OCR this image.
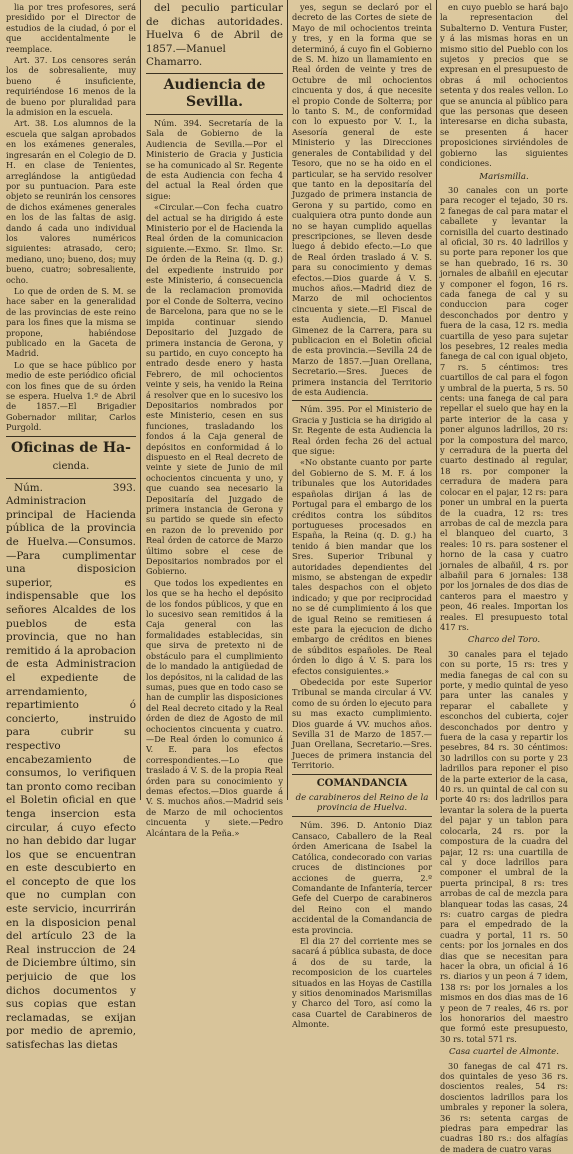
lia por tres profesores, será presidido por el Director de estudios de la ciudad, ó por el que accidentalmente le reemplace.

Art. 37. Los censores serán los de sobresaliente, muy bueno é insuficiente, requiriéndose 16 menos de la de bueno por pluralidad para la admision en la escuela.

Art. 38. Los alumnos de la escuela que salgan aprobados en los exámenes generales, ingresarán en el Colegio de D. H. en clase de Tenientes, arreglándose la antigüedad por su puntuacion. Para este objeto se reunirán los censores de dichos exámenes generales en los de las faltas de asig. dando á cada uno individual los valores numéricos siguientes: atrasado, cero; mediano, uno; bueno, dos; muy bueno, cuatro; sobresaliente, ocho.

Lo que de orden de S. M. se hace saber en la generalidad de las provincias de este reino para los fines que la misma se propone, habiéndose publicado en la Gaceta de Madrid.

Lo que se hace público por medio de este periódico oficial con los fines que de su órden se espera. Huelva 1.º de Abril de 1857.—El Brigadier Gobernador militar, Carlos Purgold.

Oficinas de Ha-
cienda.

Núm. 393. Administracion principal de Hacienda pública de la provincia de Huelva.—Consumos.—Para cumplimentar una disposicion superior, es indispensable que los señores Alcaldes de los pueblos de esta provincia, que no han remitido á la aprobacion de esta Administracion el expediente de arrendamiento, repartimiento ó concierto, instruido para cubrir su respectivo encabezamiento de consumos, lo verifiquen tan pronto como reciban el Boletin oficial en que tenga insercion esta circular, á cuyo efecto no han debido dar lugar los que se encuentran en este descubierto en el concepto de que los que no cumplan con este servicio, incurrirán en la disposicion penal del artículo 23 de la Real instruccion de 24 de Diciembre último, sin perjuicio de que los dichos documentos y sus copias que estan reclamadas, se exijan por medio de apremio, satisfechas las dietas

del peculio particular de dichas autoridades. Huelva 6 de Abril de 1857.—Manuel Chamarro.

Audiencia de Sevilla.

Núm. 394. Secretaría de la Sala de Gobierno de la Audiencia de Sevilla.—Por el Ministerio de Gracia y Justicia se ha comunicado al Sr. Regente de esta Audiencia con fecha 4 del actual la Real órden que sigue:

«Circular.—Con fecha cuatro del actual se ha dirigido á este Ministerio por el de Hacienda la Real órden de la comunicacion siguiente.—Exmo. Sr. Ilmo. Sr. De órden de la Reina (q. D. g.) del expediente instruido por este Ministerio, á consecuencia de la reclamacion promovida por el Conde de Solterra, vecino de Barcelona, para que no se le impida continuar siendo Depositario del Juzgado de primera instancia de Gerona, y su partido, en cuyo concepto ha entrado desde enero y hasta Febrero, de mil ochocientos veinte y seis, ha venido la Reina á resolver que en lo sucesivo los Depositarios nombrados por este Ministerio, cesen en sus funciones, trasladando los fondos á la Caja general de depósitos en conformidad á lo dispuesto en el Real decreto de veinte y siete de Junio de mil ochocientos cincuenta y uno, y que cuando sea necesario la Depositaría del Juzgado de primera instancia de Gerona y su partido se quede sin efecto en razon de lo prevenido por Real órden de catorce de Marzo último sobre el cese de Depositarios nombrados por el Gobierno.

Que todos los expedientes en los que se ha hecho el depósito de los fondos públicos, y que en lo sucesivo sean remitidos á la Caja general con las formalidades establecidas, sin que sirva de pretexto ni de obstáculo para el cumplimiento de lo mandado la antigüedad de los depósitos, ni la calidad de las sumas, pues que en todo caso se han de cumplir las disposiciones del Real decreto citado y la Real órden de diez de Agosto de mil ochocientos cincuenta y cuatro.—De Real órden lo comunico á V. E. para los efectos correspondientes.—Lo que traslado á V. S. de la propia Real órden para su conocimiento y demas efectos.—Dios guarde á V. S. muchos años.—Madrid seis de Marzo de mil ochocientos cincuenta y siete.—Pedro Alcántara de la Peña.»

yes, segun se declaró por el decreto de las Cortes de siete de Mayo de mil ochocientos treinta y tres, y en la forma que se determinó, á cuyo fin el Gobierno de S. M. hizo un llamamiento en Real órden de veinte y tres de Octubre de mil ochocientos cincuenta y dos, á que necesite el propio Conde de Solterra; por lo tanto S. M., de conformidad con lo expuesto por V. I., la Asesoría general de este Ministerio y las Direcciones generales de Contabilidad y del Tesoro, que no se ha oido en el particular, se ha servido resolver que tanto en la depositaría del Juzgado de primera instancia de Gerona y su partido, como en cualquiera otra punto donde aun no se hayan cumplido aquellas prescripciones, se lleven desde luego á debido efecto.—Lo que de Real órden traslado á V. S. para su conocimiento y demas efectos.—Dios guarde á V. S. muchos años.—Madrid diez de Marzo de mil ochocientos cincuenta y siete.—El Fiscal de esta Audiencia, D. Manuel Gimenez de la Carrera, para su publicacion en el Boletin oficial de esta provincia.—Sevilla 24 de Marzo de 1857.—Juan Orellana, Secretario.—Sres. Jueces de primera instancia del Territorio de esta Audiencia.

Núm. 395. Por el Ministerio de Gracia y Justicia se ha dirigido al Sr. Regente de esta Audiencia la Real órden fecha 26 del actual que sigue:

«No obstante cuanto por parte del Gobierno de S. M. F. á los tribunales que los Autoridades españolas dirijan á las de Portugal para el embargo de los créditos contra los súbditos portugueses procesados en España, la Reina (q. D. g.) ha tenido á bien mandar que los Sres. Superior Tribunal y autoridades dependientes del mismo, se abstengan de expedir tales despachos con el objeto indicado; y que por reciprocidad no se dé cumplimiento á los que de igual Reino se remitiesen á este para la ejecucion de dicho embargo de créditos en bienes de súbditos españoles. De Real órden lo digo á V. S. para los efectos consiguientes.»

Obedecida por este Superior Tribunal se manda circular á VV. como de su órden lo ejecuto para su mas exacto cumplimiento. Dios guarde á VV. muchos años. Sevilla 31 de Marzo de 1857.—Juan Orellana, Secretario.—Sres. Jueces de primera instancia del Territorio.

COMANDANCIA

de carabineros del Reino de la provincia de Huelva.

Núm. 396. D. Antonio Diaz Cansaco, Caballero de la Real órden Americana de Isabel la Católica, condecorado con varias cruces de distinciones por acciones de guerra, 2.º Comandante de Infantería, tercer Gefe del Cuerpo de carabineros del Reino con el mando accidental de la Comandancia de esta provincia.

El dia 27 del corriente mes se sacará á pública subasta, de doce á dos de su tarde, la recomposicion de los cuarteles situados en las Hoyas de Castilla y sitios denominados Marismillas y Charco del Toro, así como la casa Cuartel de Carabineros de Almonte.

en cuyo pueblo se hará bajo la representacion del Subalterno D. Ventura Fuster, y á las mismas horas en un mismo sitio del Pueblo con los sujetos y precios que se expresan en el presupuesto de obras á mil ochocientos setenta y dos reales vellon. Lo que se anuncia al público para que las personas que deseen interesarse en dicha subasta, se presenten á hacer proposiciones sirviéndoles de gobierno las siguientes condiciones.

Marismilla.

30 canales con un porte para recoger el tejado, 30 rs. 2 fanegas de cal para matar el caballete y levantar la cornisilla del cuarto destinado al oficial, 30 rs. 40 ladrillos y su porte para reponer los que se han quebrado, 16 rs. 30 jornales de albañil en ejecutar y componer el fogon, 16 rs. cada fanega de cal y su conduccion para coger desconchados por dentro y fuera de la casa, 12 rs. media cuartilla de yeso para sujetar los pesebres, 12 reales media fanega de cal con igual objeto, 7 rs. 5 céntimos: tres cuartillos de cal para el fogon y umbral de la puerta, 5 rs. 50 cents: una fanega de cal para repellar el suelo que hay en la parte interior de la casa y poner algunos ladrillos, 20 rs: por la compostura del marco, y cerradura de la puerta del cuarto destinado al regular, 18 rs. por componer la cerradura de madera para colocar en el pajar, 12 rs: para poner un umbral en la puerta de la cuadra, 12 rs: tres arrobas de cal de mezcla para el blanqueo del cuarto, 3 reales: 10 rs. para sostener el horno de la casa y cuatro jornales de albañil, 4 rs. por albañil para 6 jornales: 138 por los jornales de dos dias de canteros para el maestro y peon, 46 reales. Importan los reales. El presupuesto total 417 rs.

Charco del Toro.

30 canales para el tejado con su porte, 15 rs: tres y media fanegas de cal con su porte, y medio quintal de yeso para unter las canales y reparar el caballete y esconchos del cubierta, cojer desconchados por dentro y fuera de la casa y repartir los pesebres, 84 rs. 30 céntimos: 30 ladrillos con su porte y 23 ladrillos para reponer el piso de la parte exterior de la casa, 40 rs. un quintal de cal con su porte 40 rs: dos ladrillos para levantar la solera de la puerta del pajar y un tablon para colocarla, 24 rs. por la compostura de la cuadra del pajar, 12 rs: una cuartilla de cal y doce ladrillos para componer el umbral de la puerta principal, 8 rs: tres arrobas de cal de mezcla para blanquear todas las casas, 24 rs: cuatro cargas de piedra para el empedrado de la cuadra y portal, 11 rs. 50 cents: por los jornales en dos dias que se necesitan para hacer la obra, un oficial á 16 rs. diarios y un peon á 7 idem, 138 rs: por los jornales a los mismos en dos dias mas de 16 y peon de 7 reales, 46 rs. por los honorarios del maestro que formó este presupuesto, 30 rs. total 571 rs.

Casa cuartel de Almonte.

30 fanegas de cal 471 rs. dos quintales de yeso 36 rs. doscientos reales, 54 rs: doscientos ladrillos para los umbrales y reponer la solera, 36 rs: setenta cargas de piedras para empedrar las cuadras 180 rs.: dos alfagías de madera de cuatro varas
